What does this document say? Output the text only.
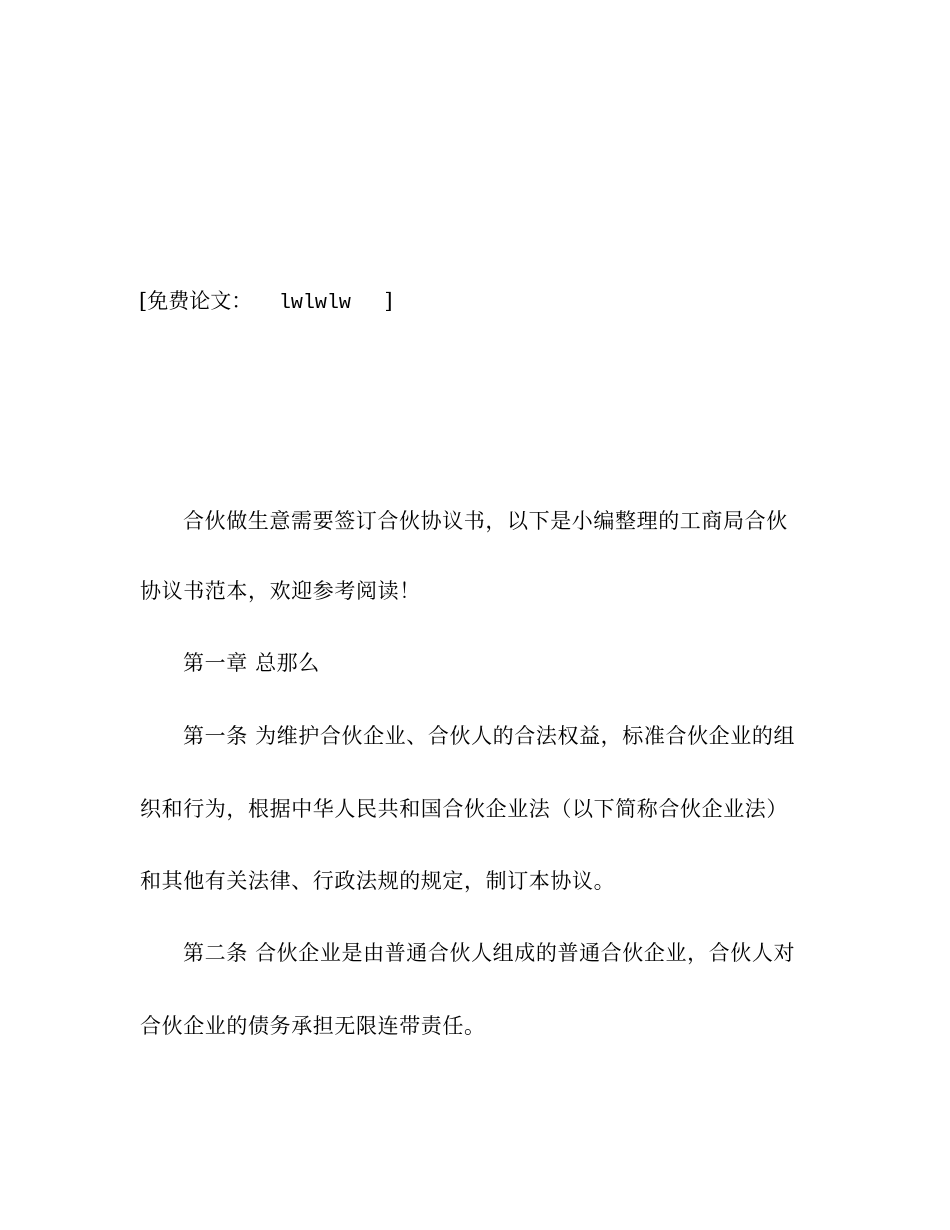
[免费论文： lwlwlw ]
合伙做生意需要签订合伙协议书，以下是小编整理的工商局合伙
协议书范本，欢迎参考阅读！
第一章 总那么
第一条 为维护合伙企业、合伙人的合法权益，标准合伙企业的组
织和行为，根据中华人民共和国合伙企业法（以下简称合伙企业法）
和其他有关法律、行政法规的规定，制订本协议。
第二条 合伙企业是由普通合伙人组成的普通合伙企业，合伙人对
合伙企业的债务承担无限连带责任。
